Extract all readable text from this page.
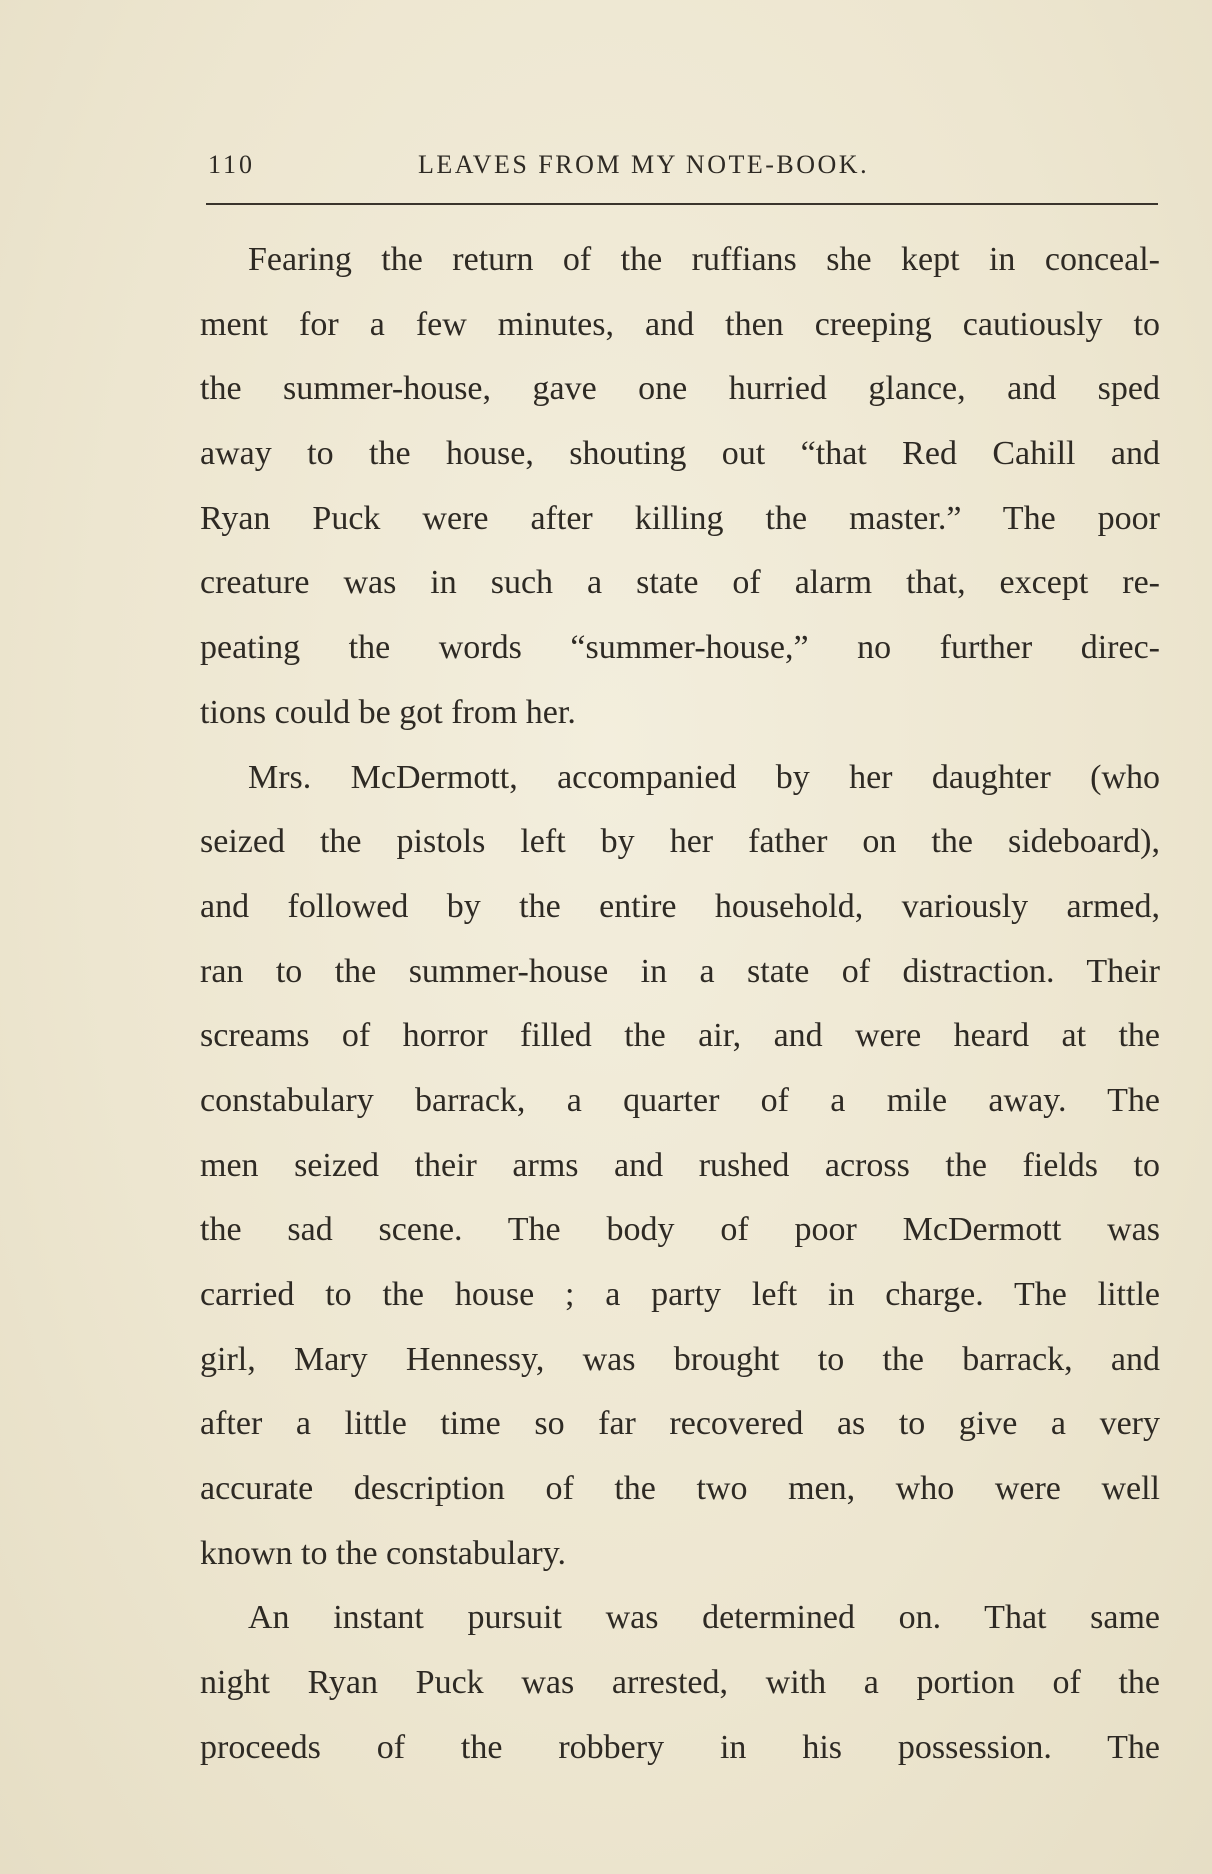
110	LEAVES FROM MY NOTE-BOOK.
Fearing the return of the ruffians she kept in conceal-
ment for a few minutes, and then creeping cautiously to
the summer-house, gave one hurried glance, and sped
away to the house, shouting out “that Red Cahill and
Ryan Puck were after killing the master.” The poor
creature was in such a state of alarm that, except re-
peating the words “summer-house,” no further direc-
tions could be got from her.
Mrs. McDermott, accompanied by her daughter (who
seized the pistols left by her father on the sideboard),
and followed by the entire household, variously armed,
ran to the summer-house in a state of distraction. Their
screams of horror filled the air, and were heard at the
constabulary barrack, a quarter of a mile away. The
men seized their arms and rushed across the fields to
the sad scene. The body of poor McDermott was
carried to the house ; a party left in charge. The little
girl, Mary Hennessy, was brought to the barrack, and
after a little time so far recovered as to give a very
accurate description of the two men, who were well
known to the constabulary.
An instant pursuit was determined on. That same
night Ryan Puck was arrested, with a portion of the
proceeds of the robbery in his possession. The
